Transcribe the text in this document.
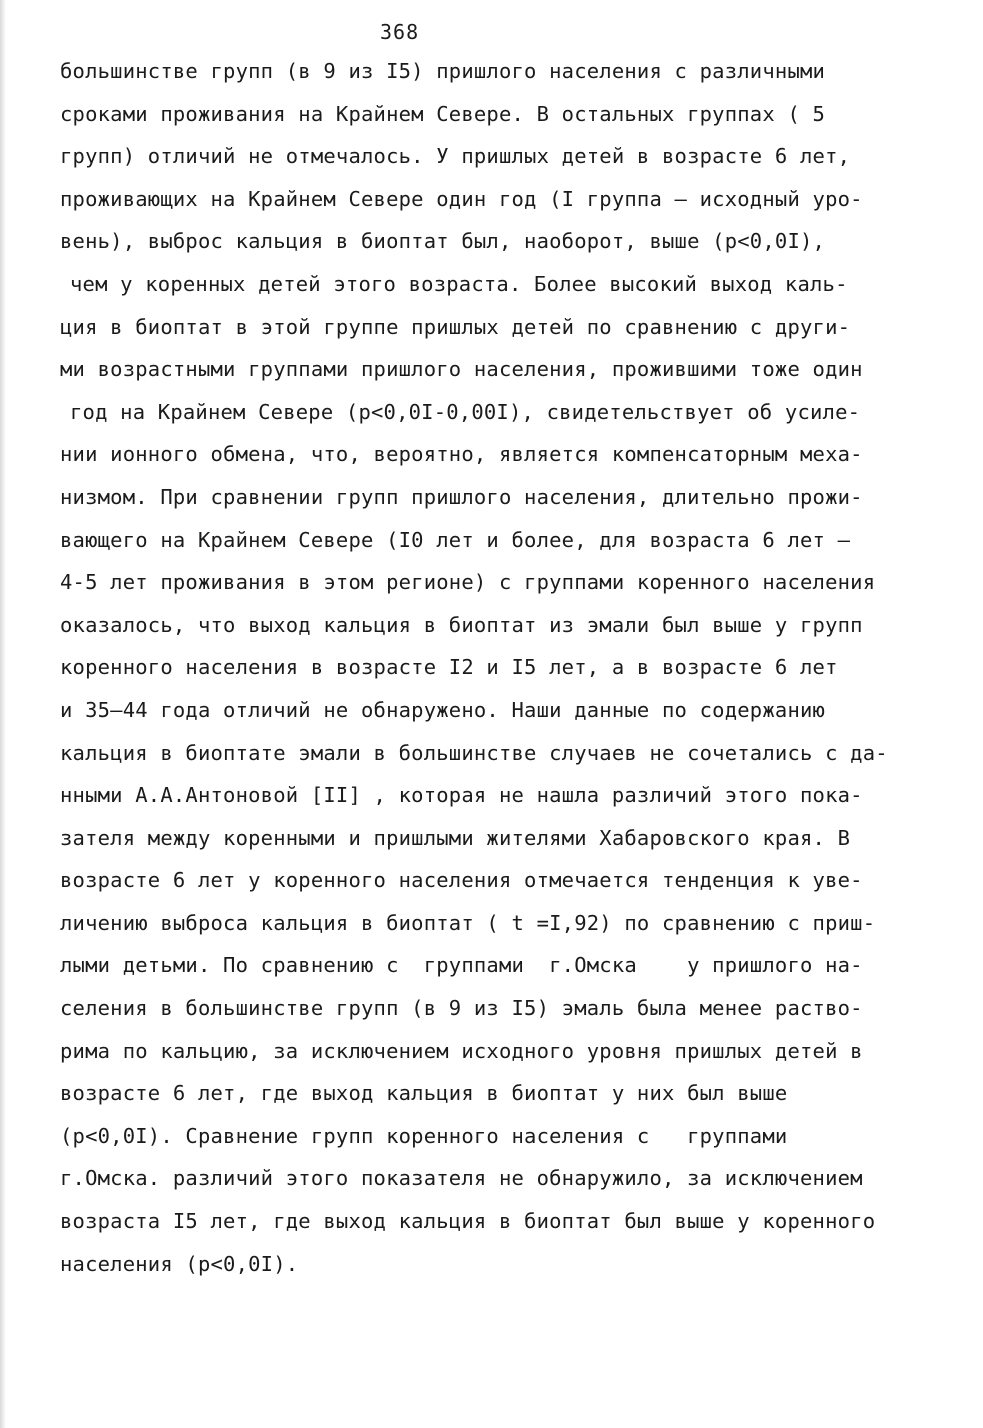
368
большинстве групп (в 9 из I5) пришлого населения с различными
сроками проживания на Крайнем Севере. В остальных группах ( 5
групп) отличий не отмечалось. У пришлых детей в возрасте 6 лет,
проживающих на Крайнем Севере один год (I группа – исходный уро-
вень), выброс кальция в биоптат был, наоборот, выше (р<0,0I),
чем у коренных детей этого возраста. Более высокий выход каль-
ция в биоптат в этой группе пришлых детей по сравнению с други-
ми возрастными группами пришлого населения, прожившими тоже один
год на Крайнем Севере (р<0,0I-0,00I), свидетельствует об усиле-
нии ионного обмена, что, вероятно, является компенсаторным меха-
низмом. При сравнении групп пришлого населения, длительно прожи-
вающего на Крайнем Севере (I0 лет и более, для возраста 6 лет –
4-5 лет проживания в этом регионе) с группами коренного населения
оказалось, что выход кальция в биоптат из эмали был выше у групп
коренного населения в возрасте I2 и I5 лет, а в возрасте 6 лет
и 35–44 года отличий не обнаружено. Наши данные по содержанию
кальция в биоптате эмали в большинстве случаев не сочетались с да-
нными А.А.Антоновой [II] , которая не нашла различий этого пока-
зателя между коренными и пришлыми жителями Хабаровского края. В
возрасте 6 лет у коренного населения отмечается тенденция к уве-
личению выброса кальция в биоптат ( t =I,92) по сравнению с приш-
лыми детьми. По сравнению с  группами  г.Омска    у пришлого на-
селения в большинстве групп (в 9 из I5) эмаль была менее раство-
рима по кальцию, за исключением исходного уровня пришлых детей в
возрасте 6 лет, где выход кальция в биоптат у них был выше
(р<0,0I). Сравнение групп коренного населения с   группами
г.Омска. различий этого показателя не обнаружило, за исключением
возраста I5 лет, где выход кальция в биоптат был выше у коренного
населения (р<0,0I).
